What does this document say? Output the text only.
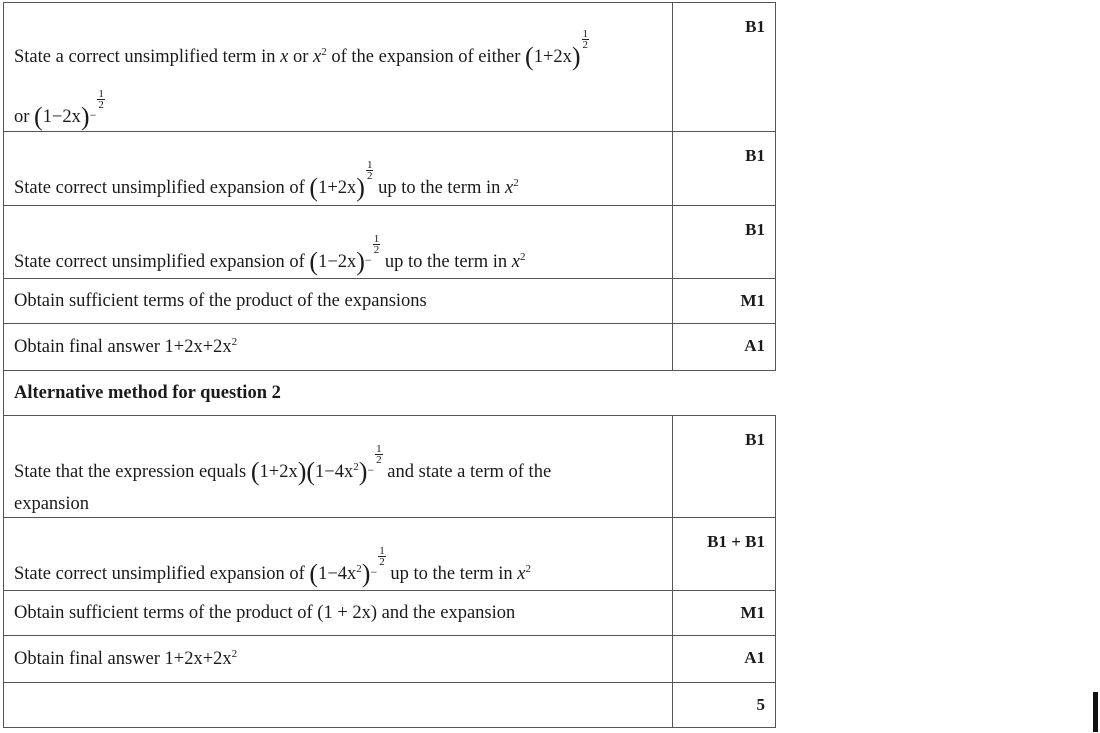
State a correct unsimplified term in x or $x^2$ of the expansion of either (1+2x)
$\frac{1}{2}$
or (1−2x)−
$\frac{1}{2}$

B1

State correct unsimplified expansion of (1+2x)
$\frac{1}{2}$
up to the term in $x^2$	B1

State correct unsimplified expansion of (1−2x)−
$\frac{1}{2}$
up to the term in $x^2$	B1

Obtain sufficient terms of the product of the expansions	M1

Obtain final answer $1+2x+2x^2$	A1

Alternative method for question 2	

State that the expression equals $(1+2x)(1-4x^2)-$
$\frac{1}{2}$
and state a term of the
expansion	B1

State correct unsimplified expansion of $(1-4x^2)-$
$\frac{1}{2}$
up to the term in $x^2$	B1 + B1

Obtain sufficient terms of the product of (1 + 2x) and the expansion	M1

Obtain final answer $1+2x+2x^2$	A1

	5
